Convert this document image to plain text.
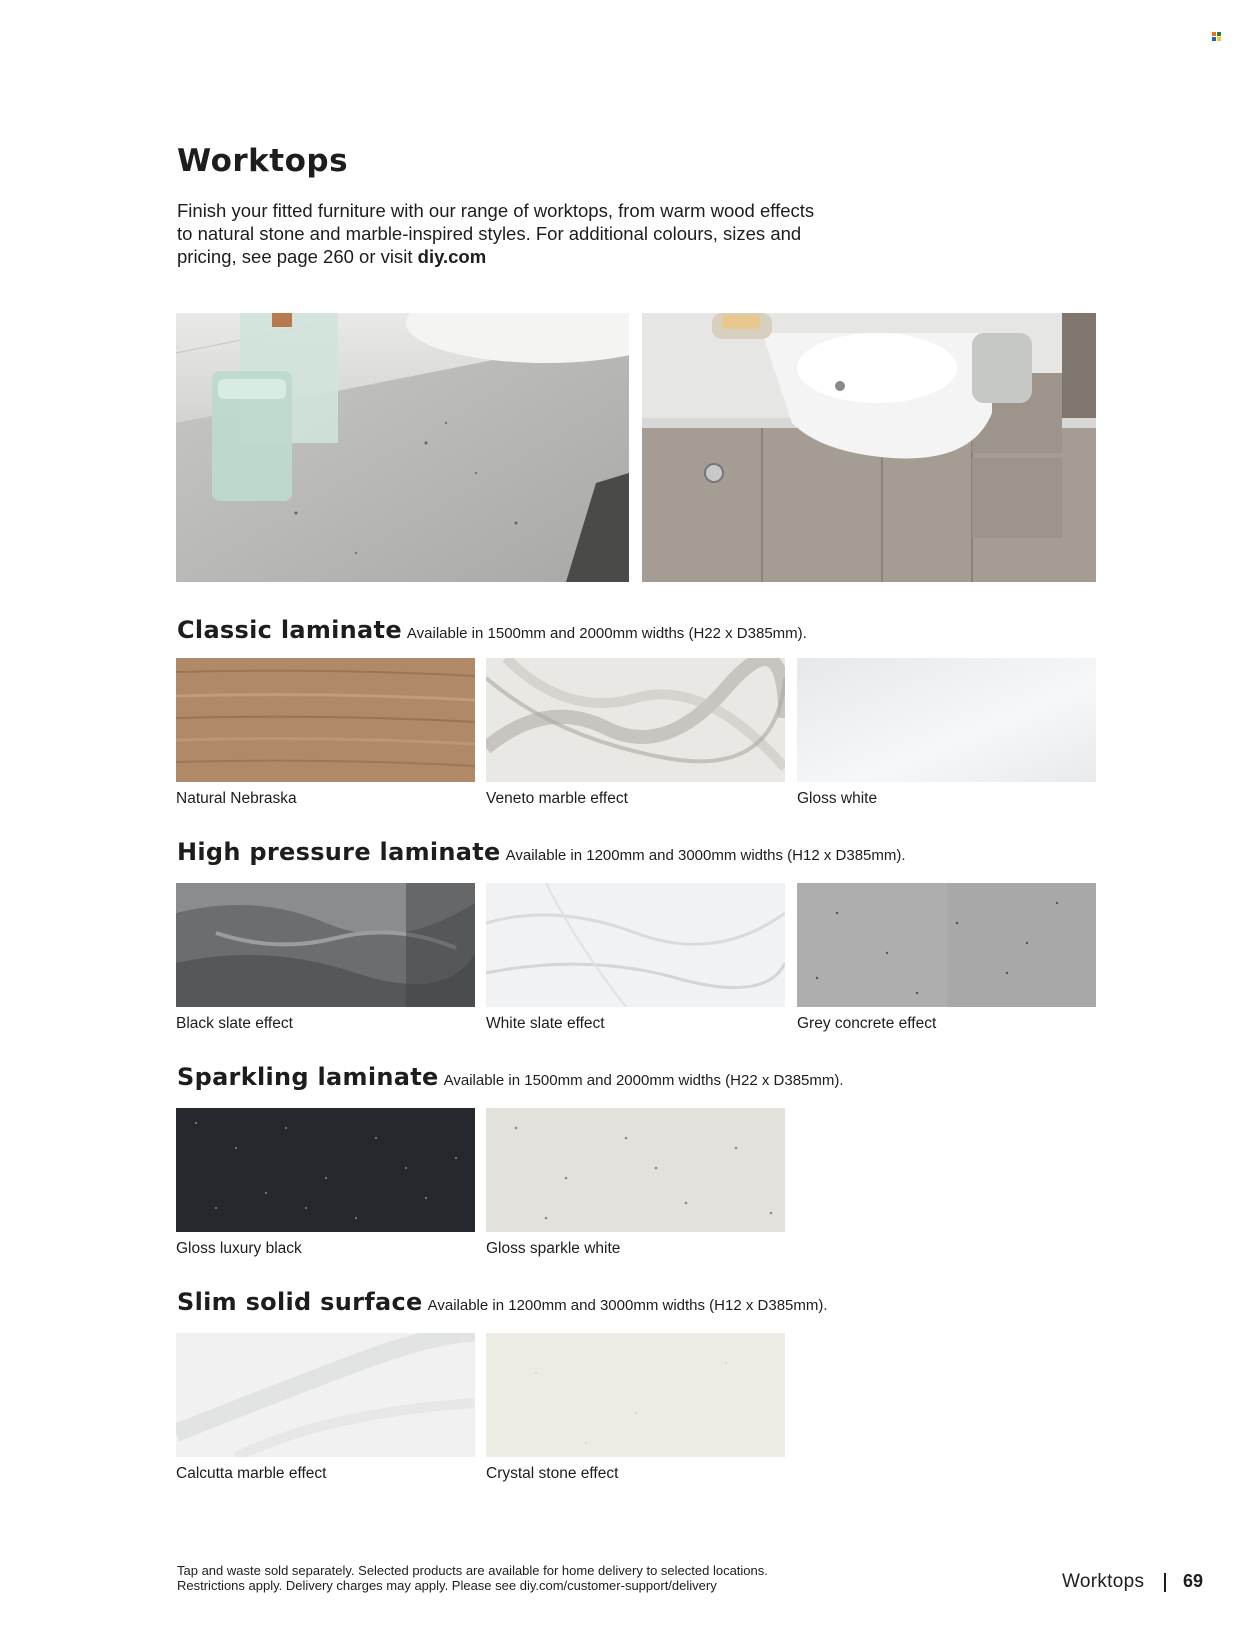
Worktops

Finish your fitted furniture with our range of worktops, from warm wood effects to natural stone and marble-inspired styles. For additional colours, sizes and pricing, see page 260 or visit diy.com

Classic laminate Available in 1500mm and 2000mm widths (H22 x D385mm).

Natural Nebraska	Veneto marble effect	Gloss white

High pressure laminate Available in 1200mm and 3000mm widths (H12 x D385mm).

Black slate effect	White slate effect	Grey concrete effect

Sparkling laminate Available in 1500mm and 2000mm widths (H22 x D385mm).

Gloss luxury black	Gloss sparkle white

Slim solid surface Available in 1200mm and 3000mm widths (H12 x D385mm).

Calcutta marble effect	Crystal stone effect

Tap and waste sold separately. Selected products are available for home delivery to selected locations.
Restrictions apply. Delivery charges may apply. Please see diy.com/customer-support/delivery	Worktops 69
